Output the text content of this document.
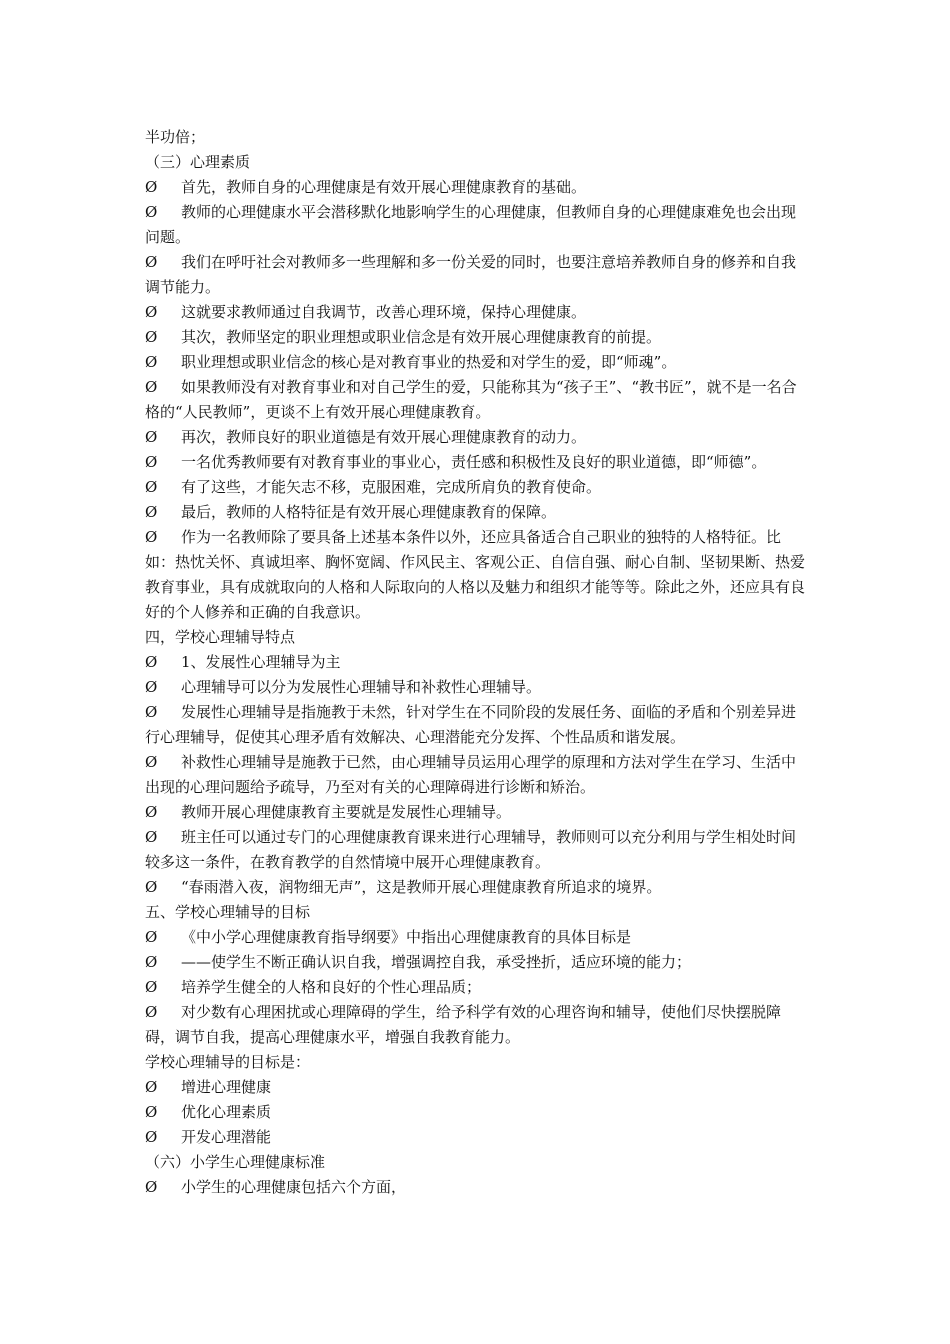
半功倍；

（三）心理素质

Ø 首先，教师自身的心理健康是有效开展心理健康教育的基础。

Ø 教师的心理健康水平会潜移默化地影响学生的心理健康，但教师自身的心理健康难免也会出现问题。

Ø 我们在呼吁社会对教师多一些理解和多一份关爱的同时，也要注意培养教师自身的修养和自我调节能力。

Ø 这就要求教师通过自我调节，改善心理环境，保持心理健康。

Ø 其次，教师坚定的职业理想或职业信念是有效开展心理健康教育的前提。

Ø 职业理想或职业信念的核心是对教育事业的热爱和对学生的爱，即“师魂”。

Ø 如果教师没有对教育事业和对自己学生的爱，只能称其为“孩子王”、“教书匠”，就不是一名合格的“人民教师”，更谈不上有效开展心理健康教育。

Ø 再次，教师良好的职业道德是有效开展心理健康教育的动力。

Ø 一名优秀教师要有对教育事业的事业心，责任感和积极性及良好的职业道德，即“师德”。

Ø 有了这些，才能矢志不移，克服困难，完成所肩负的教育使命。

Ø 最后，教师的人格特征是有效开展心理健康教育的保障。

Ø 作为一名教师除了要具备上述基本条件以外，还应具备适合自己职业的独特的人格特征。比如：热忱关怀、真诚坦率、胸怀宽阔、作风民主、客观公正、自信自强、耐心自制、坚韧果断、热爱教育事业，具有成就取向的人格和人际取向的人格以及魅力和组织才能等等。除此之外，还应具有良好的个人修养和正确的自我意识。

四，学校心理辅导特点

Ø 1、发展性心理辅导为主

Ø 心理辅导可以分为发展性心理辅导和补救性心理辅导。

Ø 发展性心理辅导是指施教于未然，针对学生在不同阶段的发展任务、面临的矛盾和个别差异进行心理辅导，促使其心理矛盾有效解决、心理潜能充分发挥、个性品质和谐发展。

Ø 补救性心理辅导是施教于已然，由心理辅导员运用心理学的原理和方法对学生在学习、生活中出现的心理问题给予疏导，乃至对有关的心理障碍进行诊断和矫治。

Ø 教师开展心理健康教育主要就是发展性心理辅导。

Ø 班主任可以通过专门的心理健康教育课来进行心理辅导，教师则可以充分利用与学生相处时间较多这一条件，在教育教学的自然情境中展开心理健康教育。

Ø “春雨潜入夜，润物细无声”，这是教师开展心理健康教育所追求的境界。

五、学校心理辅导的目标

Ø 《中小学心理健康教育指导纲要》中指出心理健康教育的具体目标是

Ø ——使学生不断正确认识自我，增强调控自我，承受挫折，适应环境的能力；

Ø 培养学生健全的人格和良好的个性心理品质；

Ø 对少数有心理困扰或心理障碍的学生，给予科学有效的心理咨询和辅导，使他们尽快摆脱障碍，调节自我，提高心理健康水平，增强自我教育能力。

学校心理辅导的目标是：

Ø 增进心理健康

Ø 优化心理素质

Ø 开发心理潜能

（六）小学生心理健康标准

Ø 小学生的心理健康包括六个方面，
